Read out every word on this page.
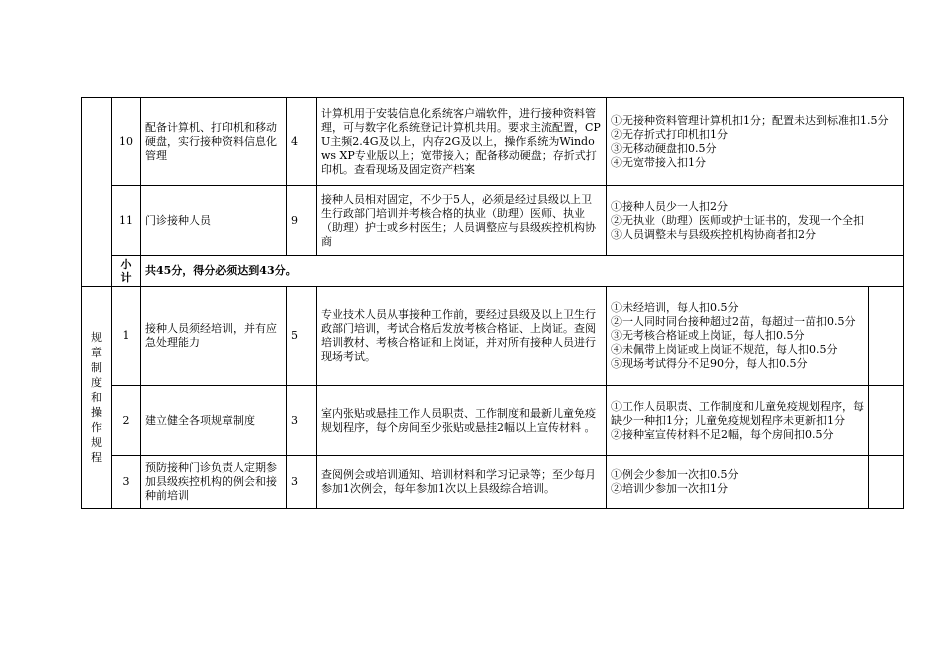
	10	配备计算机、打印机和移动硬盘，实行接种资料信息化管理	4	计算机用于安装信息化系统客户端软件，进行接种资料管理，可与数字化系统登记计算机共用。要求主流配置，CPU主频2.4G及以上，内存2G及以上，操作系统为Windows XP专业版以上；宽带接入；配备移动硬盘；存折式打印机。查看现场及固定资产档案	①无接种资料管理计算机扣1分；配置未达到标准扣1.5分
②无存折式打印机扣1分
③无移动硬盘扣0.5分
④无宽带接入扣1分	

	11	门诊接种人员	9	接种人员相对固定，不少于5人，必须是经过县级以上卫生行政部门培训并考核合格的执业（助理）医师、执业（助理）护士或乡村医生；人员调整应与县级疾控机构协商	①接种人员少一人扣2分
②无执业（助理）医师或护士证书的，发现一个全扣
③人员调整未与县级疾控机构协商者扣2分	

	小计	共45分，得分必须达到43分。				
规章制度和操作规程	1	接种人员须经培训，并有应急处理能力	5	专业技术人员从事接种工作前，要经过县级及以上卫生行政部门培训，考试合格后发放考核合格证、上岗证。查阅培训教材、考核合格证和上岗证，并对所有接种人员进行现场考试。	①未经培训，每人扣0.5分
②一人同时同台接种超过2苗，每超过一苗扣0.5分
③无考核合格证或上岗证，每人扣0.5分
④未佩带上岗证或上岗证不规范，每人扣0.5分
⑤现场考试得分不足90分，每人扣0.5分	

	2	建立健全各项规章制度	3	室内张贴或悬挂工作人员职责、工作制度和最新儿童免疫规划程序，每个房间至少张贴或悬挂2幅以上宣传材料 。	①工作人员职责、工作制度和儿童免疫规划程序，每缺少一种扣1分；儿童免疫规划程序未更新扣1分
②接种室宣传材料不足2幅，每个房间扣0.5分	

	3	预防接种门诊负责人定期参加县级疾控机构的例会和接种前培训	3	查阅例会或培训通知、培训材料和学习记录等；至少每月参加1次例会，每年参加1次以上县级综合培训。	①例会少参加一次扣0.5分
②培训少参加一次扣1分	
